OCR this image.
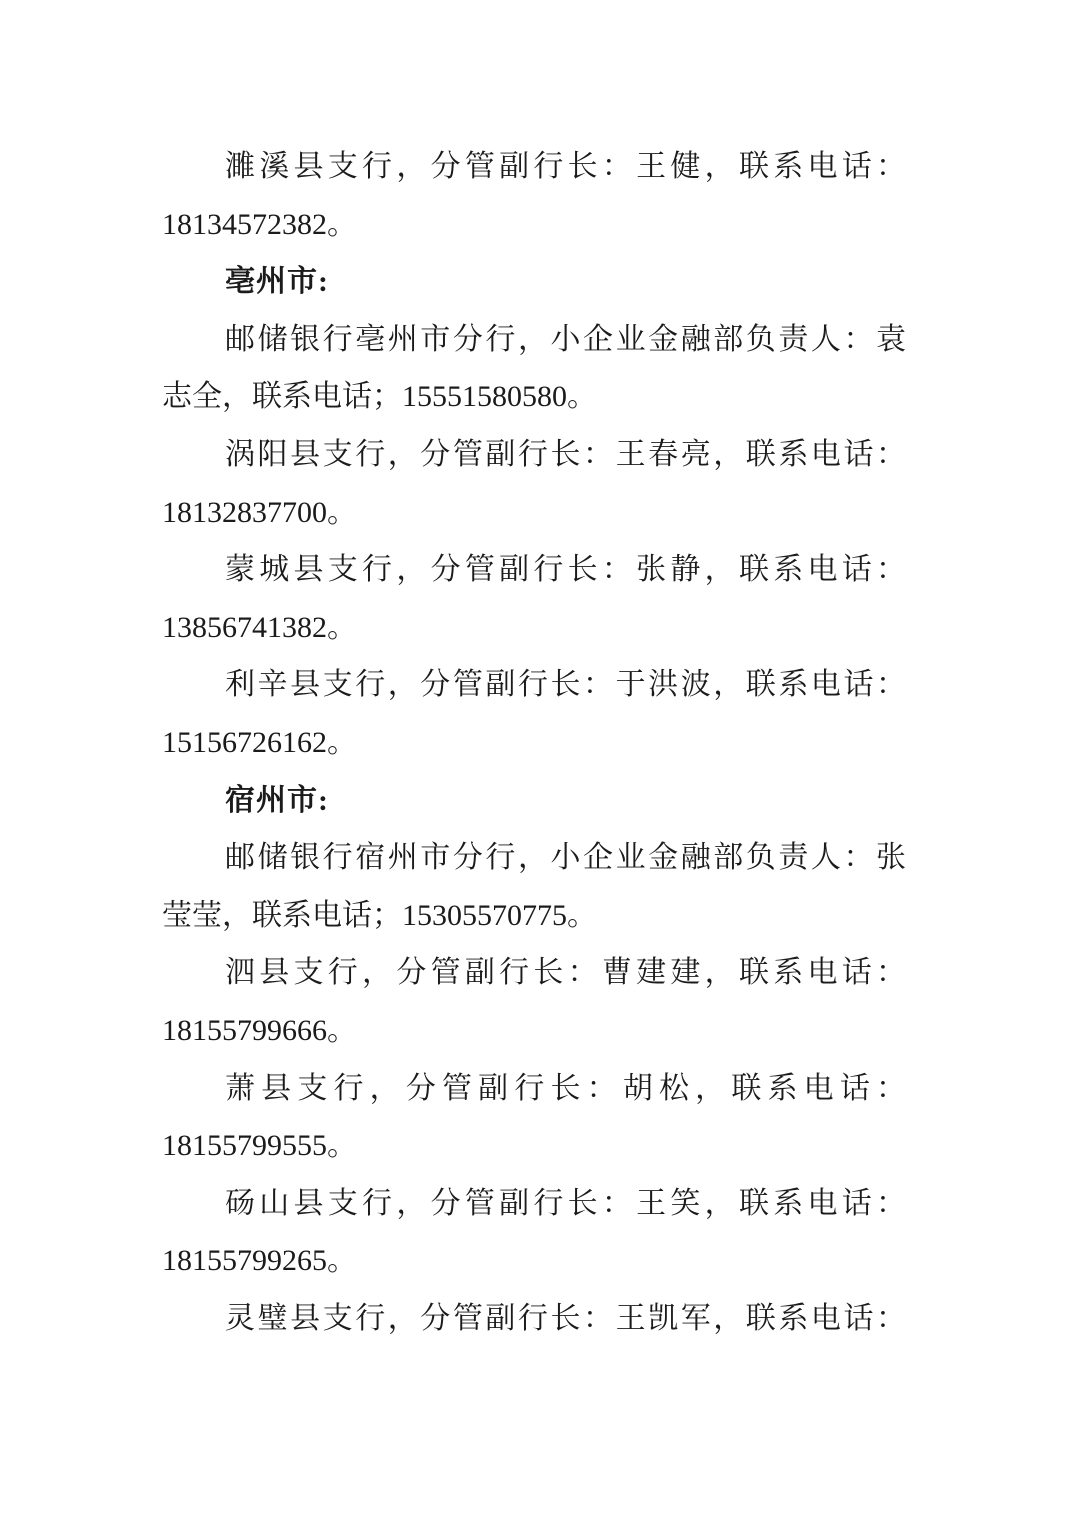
濉溪县支行，分管副行长：王健，联系电话：
18134572382。
亳州市:
邮储银行亳州市分行，小企业金融部负责人：袁
志全，联系电话；15551580580。
涡阳县支行，分管副行长：王春亮，联系电话：
18132837700。
蒙城县支行，分管副行长：张静，联系电话：
13856741382。
利辛县支行，分管副行长：于洪波，联系电话：
15156726162。
宿州市:
邮储银行宿州市分行，小企业金融部负责人：张
莹莹，联系电话；15305570775。
泗县支行，分管副行长：曹建建，联系电话：
18155799666。
萧县支行，分管副行长：胡松，联系电话：
18155799555。
砀山县支行，分管副行长：王笑，联系电话：
18155799265。
灵璧县支行，分管副行长：王凯军，联系电话：
